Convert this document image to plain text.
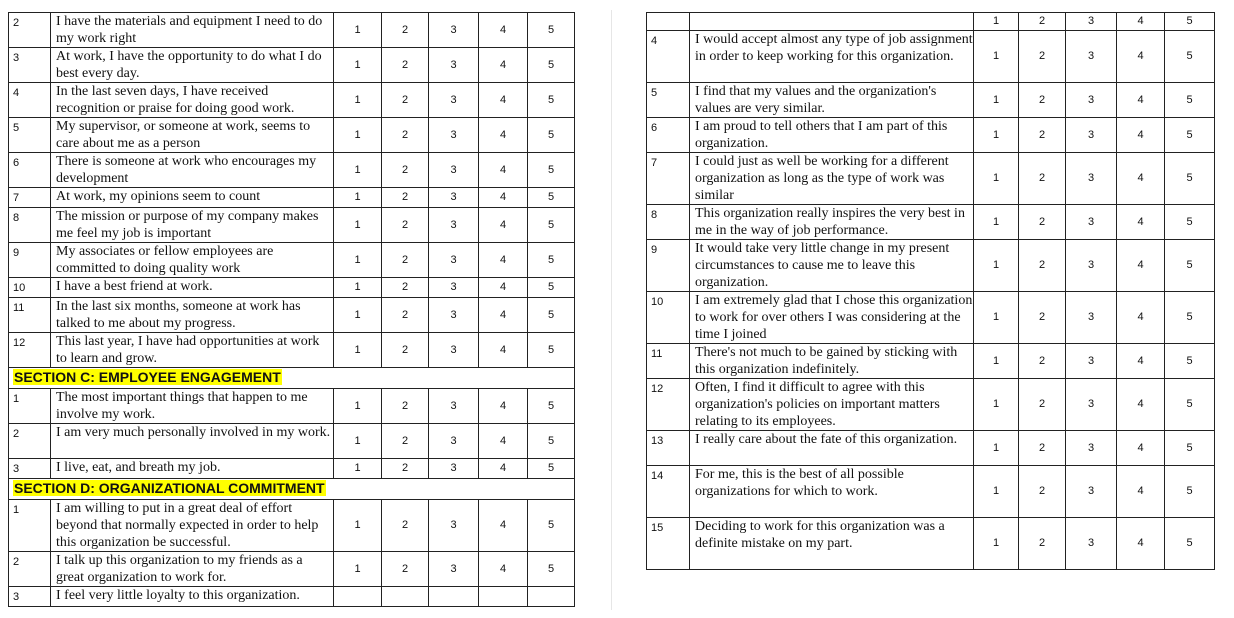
2	I have the materials and equipment I need to do my work right	1	2	3	4	5
3	At work, I have the opportunity to do what I do best every day.	1	2	3	4	5
4	In the last seven days, I have received recognition or praise for doing good work.	1	2	3	4	5
5	My supervisor, or someone at work, seems to care about me as a person	1	2	3	4	5
6	There is someone at work who encourages my development	1	2	3	4	5
7	At work, my opinions seem to count	1	2	3	4	5
8	The mission or purpose of my company makes me feel my job is important	1	2	3	4	5
9	My associates or fellow employees are committed to doing quality work	1	2	3	4	5
10	I have a best friend at work.	1	2	3	4	5
11	In the last six months, someone at work has talked to me about my progress.	1	2	3	4	5
12	This last year, I have had opportunities at work to learn and grow.	1	2	3	4	5
SECTION C: EMPLOYEE ENGAGEMENT						
1	The most important things that happen to me involve my work.	1	2	3	4	5
2	I am very much personally involved in my work.	1	2	3	4	5
3	I live, eat, and breath my job.	1	2	3	4	5
SECTION D: ORGANIZATIONAL COMMITMENT						
1	I am willing to put in a great deal of effort beyond that normally expected in order to help this organization be successful.	1	2	3	4	5
2	I talk up this organization to my friends as a great organization to work for.	1	2	3	4	5
3	I feel very little loyalty to this organization.					
		1	2	3	4	5
4	I would accept almost any type of job assignment in order to keep working for this organization.	1	2	3	4	5
5	I find that my values and the organization's values are very similar.	1	2	3	4	5
6	I am proud to tell others that I am part of this organization.	1	2	3	4	5
7	I could just as well be working for a different organization as long as the type of work was similar	1	2	3	4	5
8	This organization really inspires the very best in me in the way of job performance.	1	2	3	4	5
9	It would take very little change in my present circumstances to cause me to leave this organization.	1	2	3	4	5
10	I am extremely glad that I chose this organization to work for over others I was considering at the time I joined	1	2	3	4	5
11	There's not much to be gained by sticking with this organization indefinitely.	1	2	3	4	5
12	Often, I find it difficult to agree with this organization's policies on important matters relating to its employees.	1	2	3	4	5
13	I really care about the fate of this organization.	1	2	3	4	5
14	For me, this is the best of all possible organizations for which to work.	1	2	3	4	5
15	Deciding to work for this organization was a definite mistake on my part.	1	2	3	4	5
